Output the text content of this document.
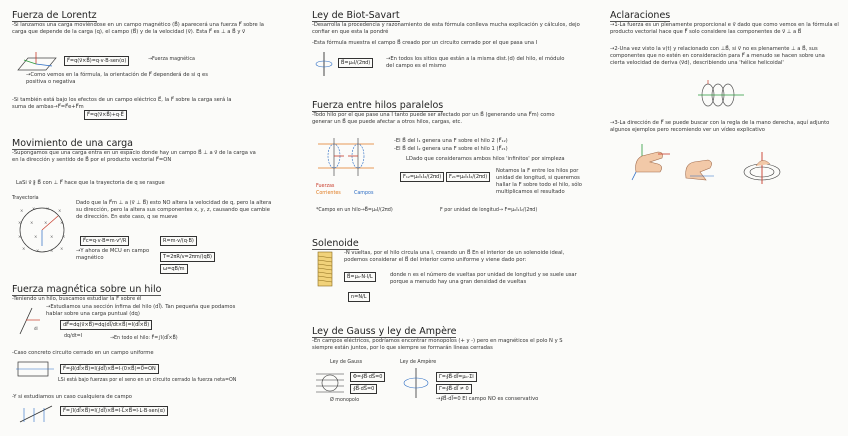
Fuerza de Lorentz
-Si lanzamos una carga moviéndose en un campo magnético (B⃗) aparecerá una fuerza F⃗ sobre la carga que depende de la carga (q), el campo (B⃗) y de la velocidad (v⃗). Esta F⃗ es ⊥ a B⃗ y v⃗
F⃗=q(v⃗×B⃗)=q·v·B·sen(α)	→Fuerza magnética
→Como vemos en la fórmula, la orientación de F⃗ dependerá de si q es positiva o negativa
-Si también está bajo los efectos de un campo eléctrico E⃗, la F⃗ sobre la carga será la suma de ambas→F⃗=F⃗e+F⃗m
F⃗=q(v⃗×B⃗)+q·E⃗
Movimiento de una carga
-Supongamos que una carga entra en un espacio donde hay un campo B⃗ ⊥ a v⃗ de la carga va en la dirección y sentido de B⃗ por el producto vectorial F⃗=ON
LaSi v⃗ ∦ B⃗ con ⊥ F⃗ hace que la trayectoria de q se rasgue
Trayectoria
× ×	× ×
× ×	×	×
×	×	× ×
×	×	× ×
Dado que la F⃗m ⊥ a (v⃗ ⊥ B⃗) esto NO altera la velocidad de q, pero la altera su dirección, pero la altera sus componentes x, y, z, causando que cambie de dirección. En este caso, q se mueve
F⃗c=q·v·B=m·v²/R	R=m·v/(q·B)
→Y ahora de MCU en campo magnético	T=2πR/v=2πm/(qB)
ω=qB/m
Fuerza magnética sobre un hilo
-Teniendo un hilo, buscamos estudiar la F⃗ sobre él
dl
→Estudiamos una sección ínfima del hilo (dl⃗). Tan pequeña que podamos hablar sobre una carga puntual (dq)
dF⃗=dq(v⃗×B⃗)=dq(dl⃗/dt×B⃗)=I(dl⃗×B⃗)
dq/dt=I	→En todo el hilo: F⃗=∫I(dl⃗×B⃗)
-Caso concreto circuito cerrado en un campo uniforme
F⃗=∮I(dl⃗×B⃗)=I(∮dl⃗)×B⃗=I·(0×B⃗)=0⃗=ON
LSi está bajo fuerzas por el seno en un circuito cerrado la fuerza neta=ON
-Y si estudiamos un caso cualquiera de campo
F⃗=∫I(dl⃗×B⃗)=I(∫dl⃗)×B⃗=I·L⃗×B⃗=I·L·B·sen(α)
Ley de Biot-Savart
-Desarrolla la procedencia y razonamiento de esta fórmula conlleva mucha explicación y cálculos, dejo confiar en que esta la pondré
-Esta fórmula muestra el campo B⃗ creado por un circuito cerrado por el que pasa una I
B⃗=μ₀I/(2πd)
→En todos los sitios que están a la misma dist.(d) del hilo, el módulo del campo es el mismo
Fuerza entre hilos paralelos
-Todo hilo por el que pase una I tanto puede ser afectado por un B⃗ (generando una F⃗m) como generar un B⃗ que puede afectar a otros hilos, cargas, etc.
Fuerzas
Corrientes	Campos
-El B⃗ del I₁ genera una F sobre el hilo 2 (F⃗₁₂)
-El B⃗ del I₂ genera una F sobre el hilo 1 (F⃗₂₁)
LDado que consideramos ambos hilos 'infinitos' por simpleza
F₁₂=μ₀I₁I₂/(2πd)	F₂₁=μ₀I₁I₂/(2πd)
Notamos la F entre los hilos por unidad de longitud, si queremos hallar la F sobre todo el hilo, sólo multiplicamos el resultado
*Campo en un hilo→B⃗=μ₀I/(2πd)	F por unidad de longitud→ F=μ₀I₁I₂/(2πd)
Solenoide
-N vueltas, por el hilo circula una I, creando un B⃗ En el interior de un solenoide ideal, podemos considerar el B⃗ del interior como uniforme y viene dado por:
B⃗=μ₀·N·I/L
n=N/L
donde n es el número de vueltas por unidad de longitud y se suele usar porque a menudo hay una gran densidad de vueltas
Ley de Gauss y ley de Ampère
-En campos eléctricos, podríamos encontrar monopolos (+ y -) pero en magnéticos el polo N y S siempre están juntos, por lo que siempre se formarán líneas cerradas
Ley de Gauss	Ley de Ampère
Φ=∮B⃗·dS⃗=0
∮B⃗·dS⃗=0
Ø monopolo
Γ=∮B⃗·dl⃗=μ₀·ΣI
Γ=∮B⃗·dl⃗ ≠ 0
→∮B⃗·dl⃗=0 El campo NO es conservativo
Aclaraciones
→1-La fuerza es un plenamente proporcional e v⃗ dado que como vemos en la fórmula el producto vectorial hace que F⃗ solo considere las componentes de v⃗ ⊥ a B⃗
→2-Una vez visto la v(t) y relacionado con ⊥B⃗, si v⃗ no es plenamente ⊥ a B⃗, sus componentes que no estén en consideración para F⃗ a menudo se hacen sobre una cierta velocidad de deriva (v⃗d), describiendo una 'hélice helicoidal'
→3-La dirección de F⃗ se puede buscar con la regla de la mano derecha, aquí adjunto algunos ejemplos pero recomiendo ver un vídeo explicativo
